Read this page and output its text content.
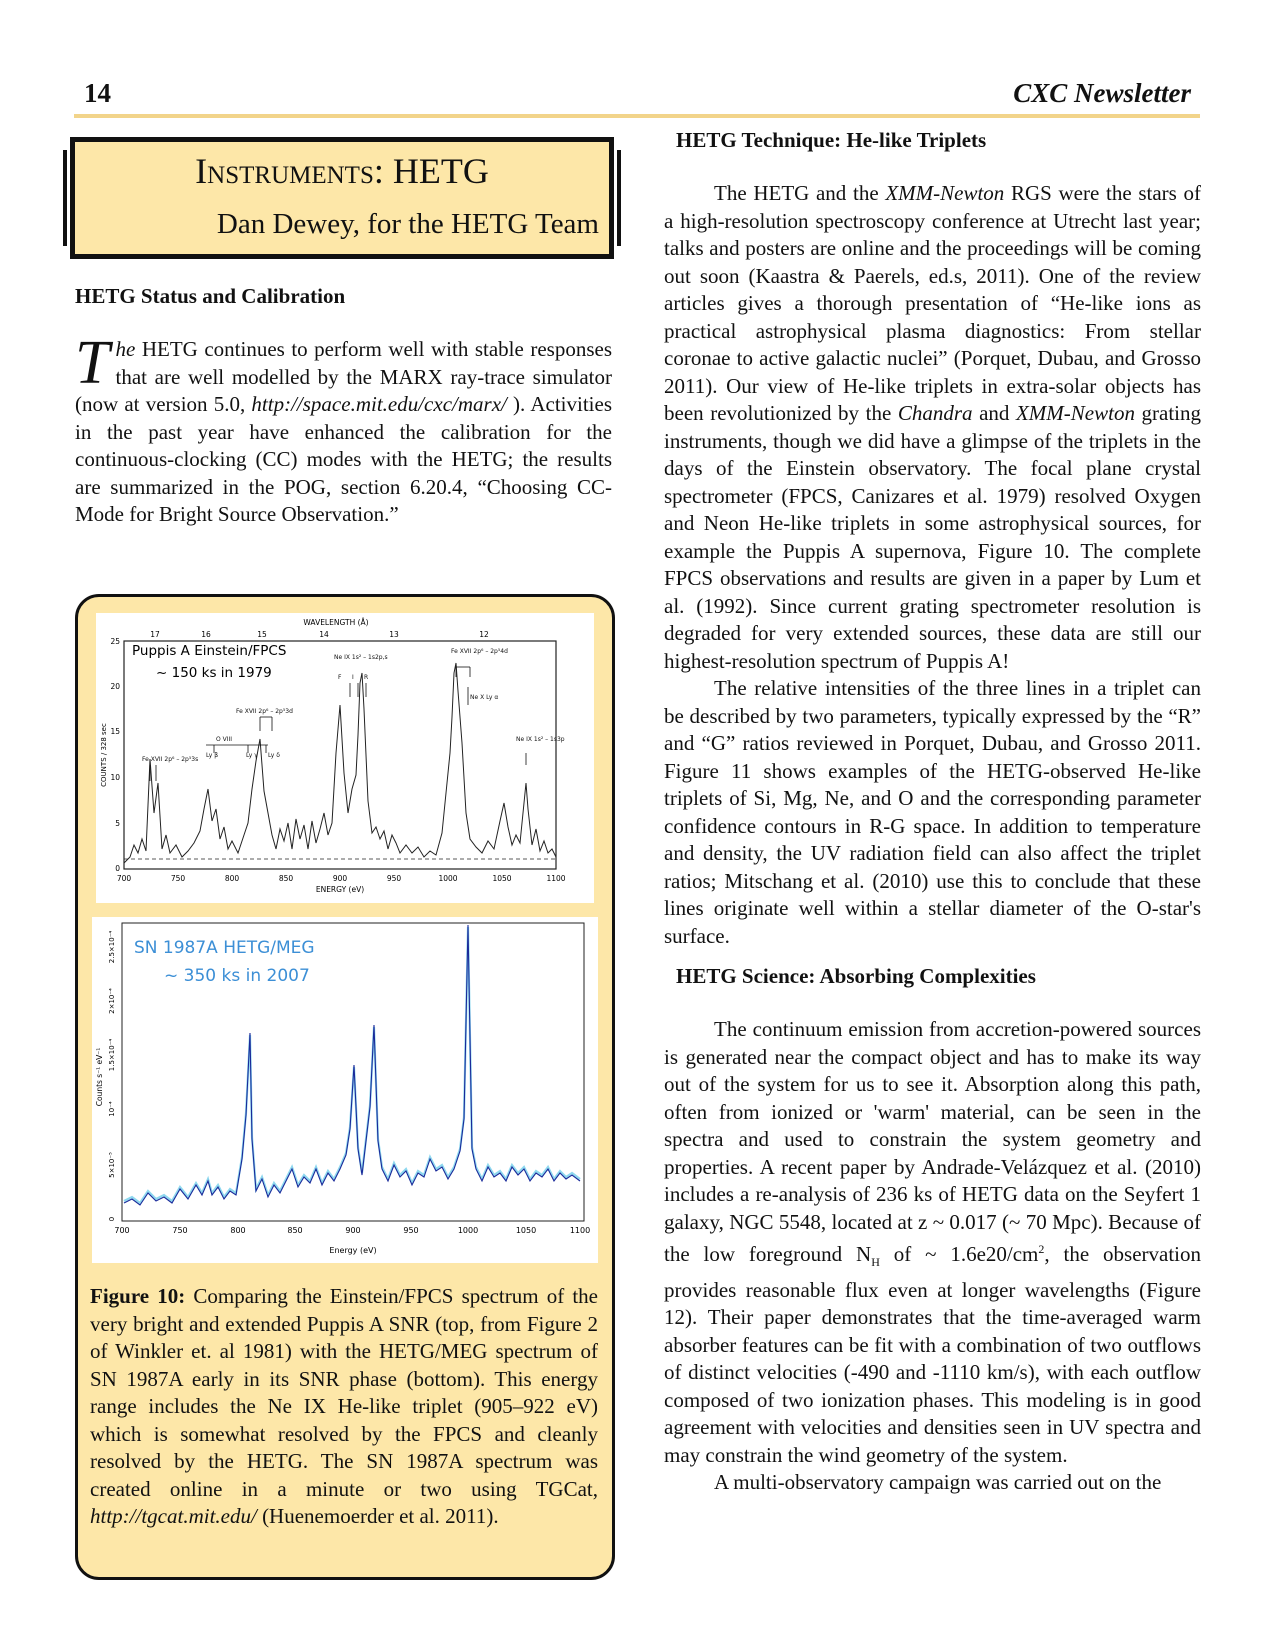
14	CXC Newsletter
Instruments: HETG
Dan Dewey, for the HETG Team
HETG Status and Calibration

The HETG continues to perform well with stable responses that are well modelled by the MARX ray-trace simulator (now at version 5.0, http://space.mit.edu/cxc/marx/ ). Activities in the past year have enhanced the calibration for the continuous-clocking (CC) modes with the HETG; the results are summarized in the POG, section 6.20.4, “Choosing CC-Mode for Bright Source Observation.”

WAVELENGTH (Å)
17	16	15	14	13	12
0
5
10
15
20
25
COUNTS / 328 sec
700	750	800	850	900	950	1000	1050	1100
ENERGY (eV)
Puppis A Einstein/FPCS
~ 150 ks in 1979
Fe XVII 2p⁶ – 2p⁵3s
O VIII
Ly β	Ly γ Ly δ
Fe XVII 2p⁶ – 2p⁵3d
Ne IX 1s² – 1s2p,s
F I R
Fe XVII 2p⁶ – 2p⁵4d
Ne X Ly α
Ne IX 1s² – 1s3p
700	750	800	850	900	950	1000	1050	1100
Energy (eV)
0
5×10⁻⁵
10⁻⁴
1.5×10⁻⁴
2×10⁻⁴
2.5×10⁻⁴
Counts s⁻¹ eV⁻¹
SN 1987A HETG/MEG
~ 350 ks in 2007
Figure 10: Comparing the Einstein/FPCS spectrum of the very bright and extended Puppis A SNR (top, from Figure 2 of Winkler et. al 1981) with the HETG/MEG spectrum of SN 1987A early in its SNR phase (bottom). This energy range includes the Ne IX He-like triplet (905–922 eV) which is somewhat resolved by the FPCS and cleanly resolved by the HETG. The SN 1987A spectrum was created online in a minute or two using TGCat, http://tgcat.mit.edu/ (Huenemoerder et al. 2011).
HETG Technique: He-like Triplets

The HETG and the XMM-Newton RGS were the stars of a high-resolution spectroscopy conference at Utrecht last year; talks and posters are online and the proceedings will be coming out soon (Kaastra & Paerels, ed.s, 2011). One of the review articles gives a thorough presentation of “He-like ions as practical astrophysical plasma diagnostics: From stellar coronae to active galactic nuclei” (Porquet, Dubau, and Grosso 2011). Our view of He-like triplets in extra-solar objects has been revolutionized by the Chandra and XMM-Newton grating instruments, though we did have a glimpse of the triplets in the days of the Einstein observatory. The focal plane crystal spectrometer (FPCS, Canizares et al. 1979) resolved Oxygen and Neon He-like triplets in some astrophysical sources, for example the Puppis A supernova, Figure 10. The complete FPCS observations and results are given in a paper by Lum et al. (1992). Since current grating spectrometer resolution is degraded for very extended sources, these data are still our highest-resolution spectrum of Puppis A!

The relative intensities of the three lines in a triplet can be described by two parameters, typically expressed by the “R” and “G” ratios reviewed in Porquet, Dubau, and Grosso 2011. Figure 11 shows examples of the HETG-observed He-like triplets of Si, Mg, Ne, and O and the corresponding parameter confidence contours in R-G space. In addition to temperature and density, the UV radiation field can also affect the triplet ratios; Mitschang et al. (2010) use this to conclude that these lines originate well within a stellar diameter of the O-star's surface.

HETG Science: Absorbing Complexities

The continuum emission from accretion-powered sources is generated near the compact object and has to make its way out of the system for us to see it. Absorption along this path, often from ionized or 'warm' material, can be seen in the spectra and used to constrain the system geometry and properties. A recent paper by Andrade-Velázquez et al. (2010) includes a re-analysis of 236 ks of HETG data on the Seyfert 1 galaxy, NGC 5548, located at z ~ 0.017 (~ 70 Mpc). Because of the low foreground $N_H$ of ~ $1.6e20/cm^2$, the observation provides reasonable flux even at longer wavelengths (Figure 12). Their paper demonstrates that the time-averaged warm absorber features can be fit with a combination of two outflows of distinct velocities (-490 and -1110 km/s), with each outflow composed of two ionization phases. This modeling is in good agreement with velocities and densities seen in UV spectra and may constrain the wind geometry of the system.

A multi-observatory campaign was carried out on the
